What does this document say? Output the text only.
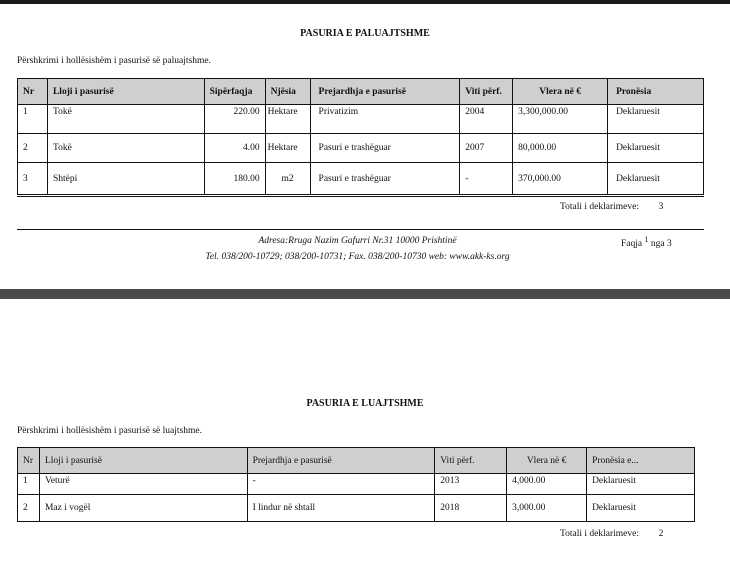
PASURIA E PALUAJTSHME
Përshkrimi i hollësishëm i pasurisë së paluajtshme.
Nr	Lloji i pasurisë	Sipërfaqja	Njësia	Prejardhja e pasurisë	Viti përf.	Vlera në €	Pronësia
1	Tokë	220.00	Hektare	Privatizim	2004	3,300,000.00	Deklaruesit
2	Tokë	4.00	Hektare	Pasuri e trashëguar	2007	80,000.00	Deklaruesit
3	Shtëpi	180.00	m2	Pasuri e trashëguar	-	370,000.00	Deklaruesit
Totali i deklarimeve: 3
Adresa:Rruga Nazim Gafurri Nr.31 10000 Prishtinë
Tel. 038/200-10729; 038/200-10731; Fax. 038/200-10730 web: www.akk-ks.org
Faqja $^1$ nga 3
PASURIA E LUAJTSHME
Përshkrimi i hollësishëm i pasurisë së luajtshme.
Nr	Lloji i pasurisë	Prejardhja e pasurisë	Viti përf.	Vlera në €	Pronësia e...
1	Veturë	-	2013	4,000.00	Deklaruesit
2	Maz i vogël	I lindur në shtall	2018	3,000.00	Deklaruesit
Totali i deklarimeve: 2
